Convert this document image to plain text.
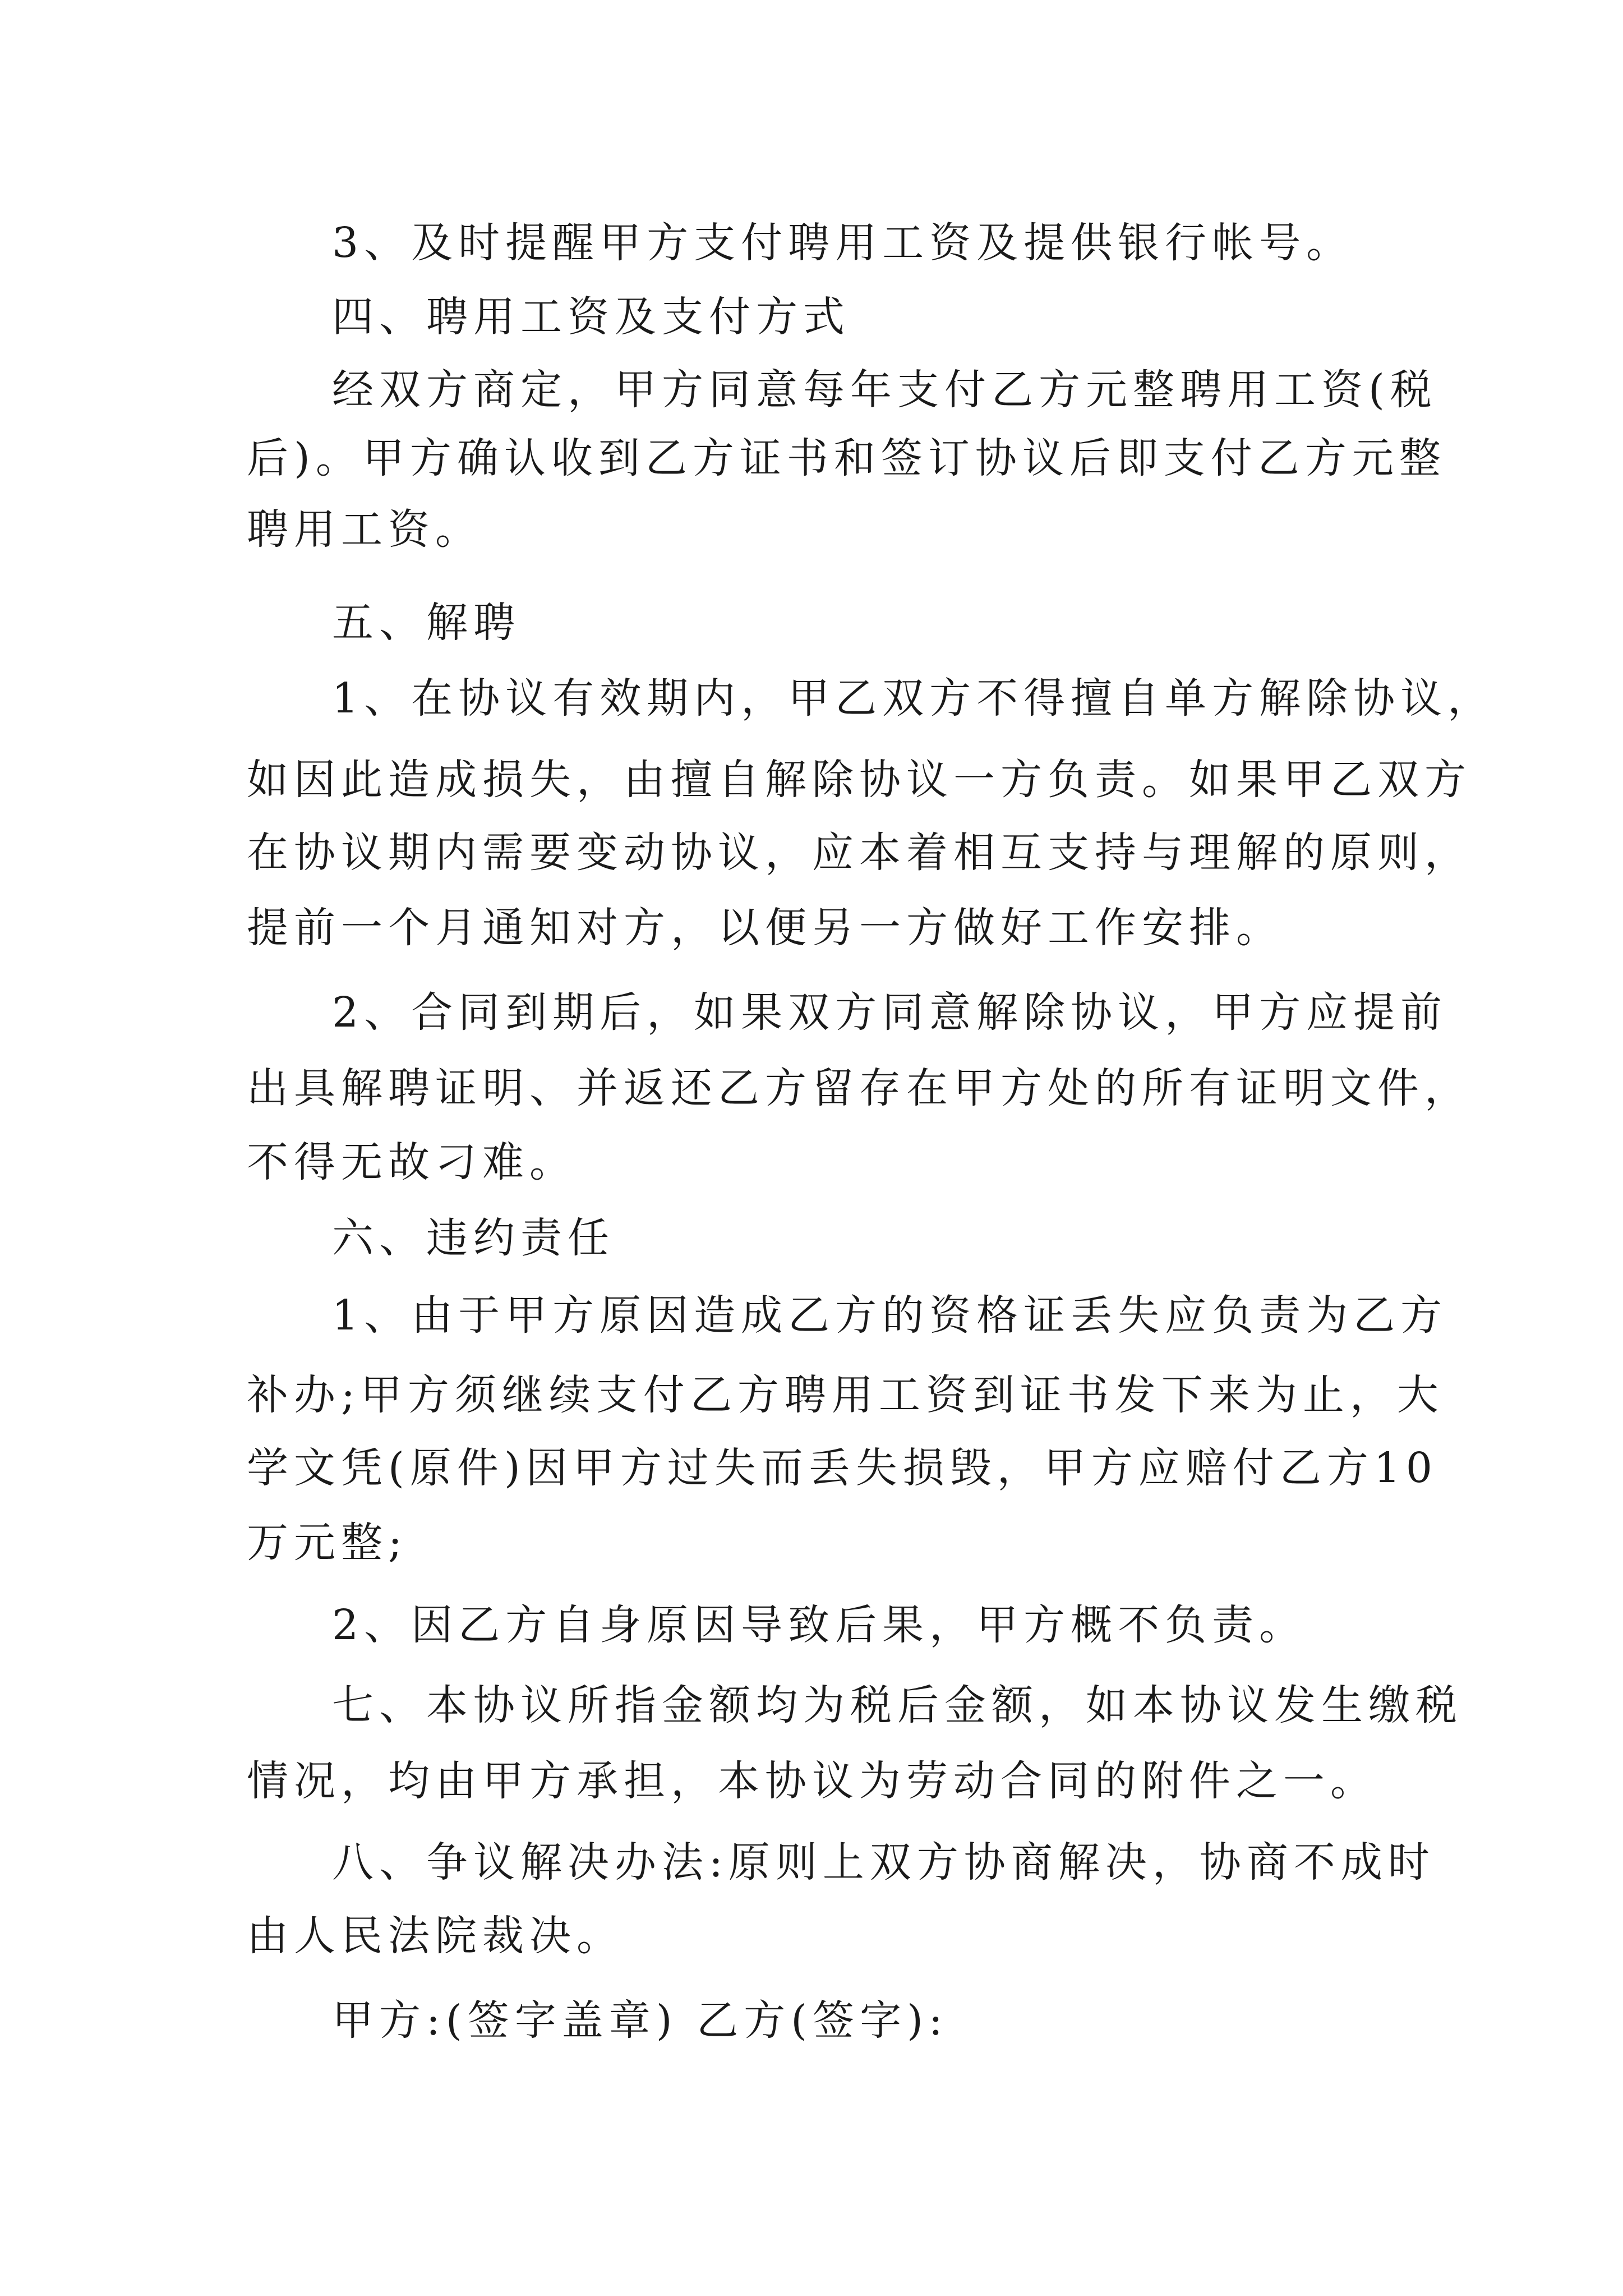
3、及时提醒甲方支付聘用工资及提供银行帐号。
四、聘用工资及支付方式
经双方商定，甲方同意每年支付乙方元整聘用工资(税
后)。甲方确认收到乙方证书和签订协议后即支付乙方元整
聘用工资。
五、解聘
1、在协议有效期内，甲乙双方不得擅自单方解除协议，
如因此造成损失，由擅自解除协议一方负责。如果甲乙双方
在协议期内需要变动协议，应本着相互支持与理解的原则，
提前一个月通知对方，以便另一方做好工作安排。
2、合同到期后，如果双方同意解除协议，甲方应提前
出具解聘证明、并返还乙方留存在甲方处的所有证明文件，
不得无故刁难。
六、违约责任
1、由于甲方原因造成乙方的资格证丢失应负责为乙方
补办;甲方须继续支付乙方聘用工资到证书发下来为止，大
学文凭(原件)因甲方过失而丢失损毁，甲方应赔付乙方10
万元整;
2、因乙方自身原因导致后果，甲方概不负责。
七、本协议所指金额均为税后金额，如本协议发生缴税
情况，均由甲方承担，本协议为劳动合同的附件之一。
八、争议解决办法:原则上双方协商解决，协商不成时
由人民法院裁决。
甲方:(签字盖章) 乙方(签字):
